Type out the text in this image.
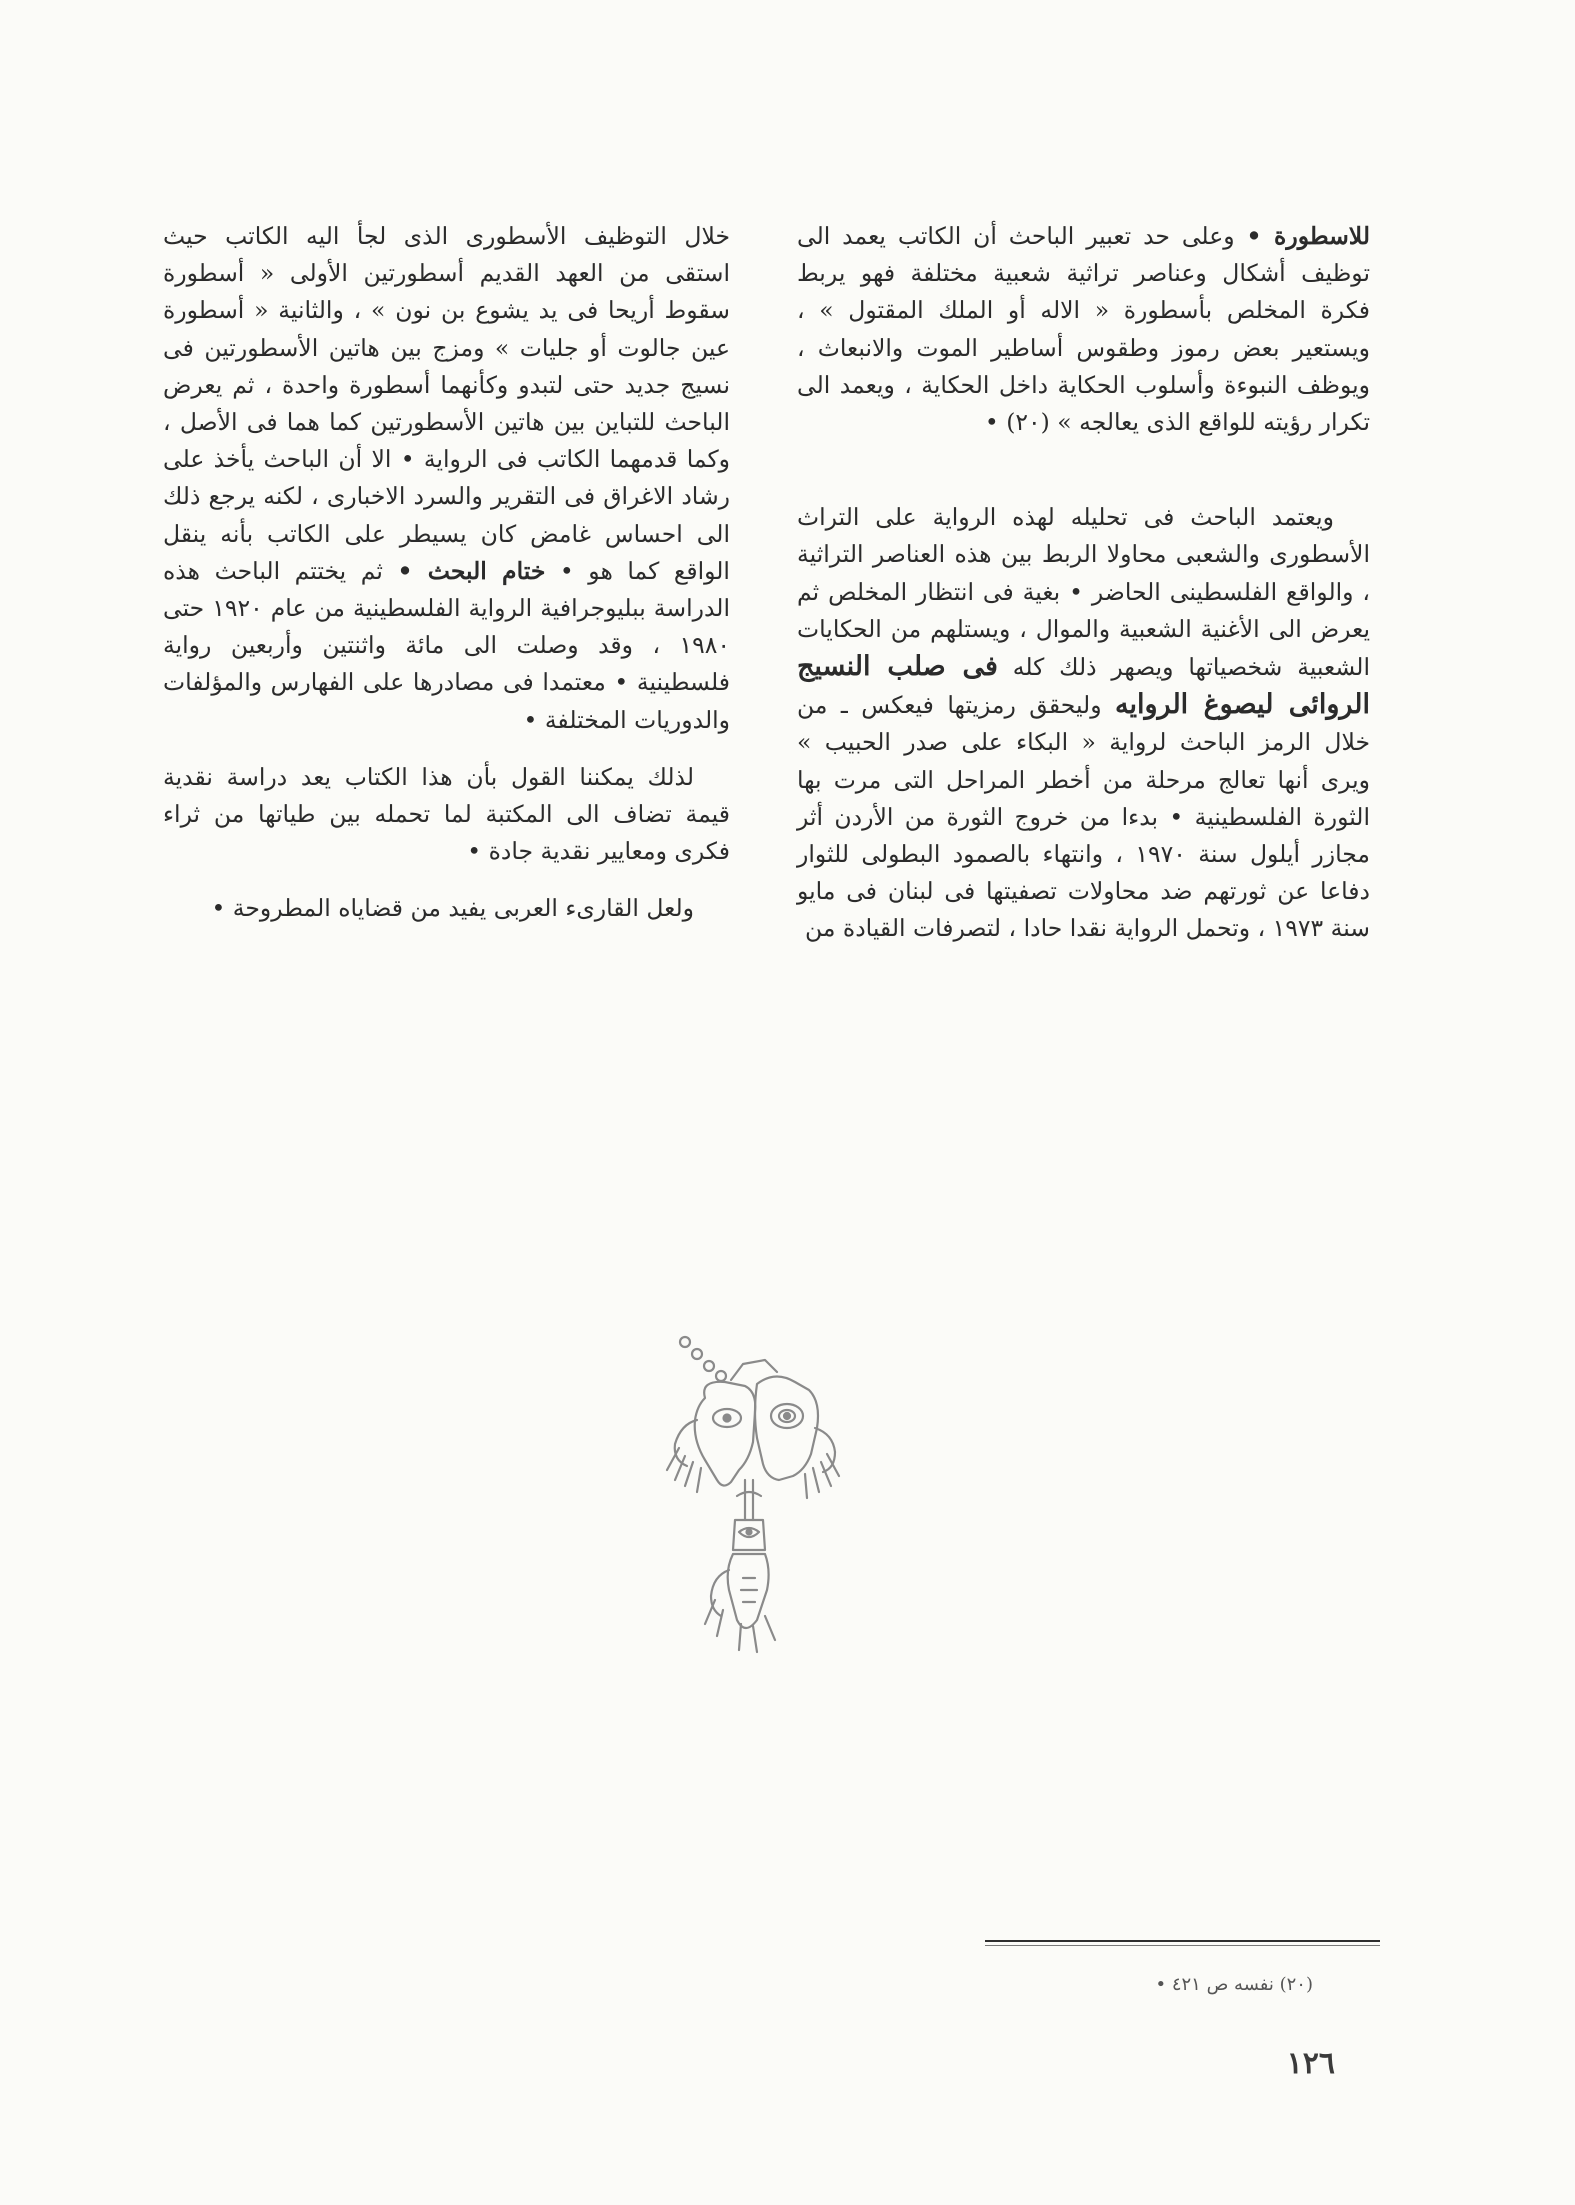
للاسطورة • وعلى حد تعبير الباحث أن الكاتب يعمد الى توظيف أشكال وعناصر تراثية شعبية مختلفة فهو يربط فكرة المخلص بأسطورة « الاله أو الملك المقتول » ، ويستعير بعض رموز وطقوس أساطير الموت والانبعاث ، ويوظف النبوءة وأسلوب الحكاية داخل الحكاية ، ويعمد الى تكرار رؤيته للواقع الذى يعالجه » (٢٠) •

ويعتمد الباحث فى تحليله لهذه الرواية على التراث الأسطورى والشعبى محاولا الربط بين هذه العناصر التراثية ، والواقع الفلسطينى الحاضر • بغية فى انتظار المخلص ثم يعرض الى الأغنية الشعبية والموال ، ويستلهم من الحكايات الشعبية شخصياتها ويصهر ذلك كله فى صلب النسيج الروائى ليصوغ الروايه وليحقق رمزيتها فيعكس ـ من خلال الرمز الباحث لرواية « البكاء على صدر الحبيب » ويرى أنها تعالج مرحلة من أخطر المراحل التى مرت بها الثورة الفلسطينية • بدءا من خروج الثورة من الأردن أثر مجازر أيلول سنة ١٩٧٠ ، وانتهاء بالصمود البطولى للثوار دفاعا عن ثورتهم ضد محاولات تصفيتها فى لبنان فى مايو سنة ١٩٧٣ ، وتحمل الرواية نقدا حادا ، لتصرفات القيادة من

خلال التوظيف الأسطورى الذى لجأ اليه الكاتب حيث استقى من العهد القديم أسطورتين الأولى « أسطورة سقوط أريحا فى يد يشوع بن نون » ، والثانية « أسطورة عين جالوت أو جليات » ومزج بين هاتين الأسطورتين فى نسيج جديد حتى لتبدو وكأنهما أسطورة واحدة ، ثم يعرض الباحث للتباين بين هاتين الأسطورتين كما هما فى الأصل ، وكما قدمهما الكاتب فى الرواية • الا أن الباحث يأخذ على رشاد الاغراق فى التقرير والسرد الاخبارى ، لكنه يرجع ذلك الى احساس غامض كان يسيطر على الكاتب بأنه ينقل الواقع كما هو • ختام البحث • ثم يختتم الباحث هذه الدراسة ببليوجرافية الرواية الفلسطينية من عام ١٩٢٠ حتى ١٩٨٠ ، وقد وصلت الى مائة واثنتين وأربعين رواية فلسطينية • معتمدا فى مصادرها على الفهارس والمؤلفات والدوريات المختلفة •

لذلك يمكننا القول بأن هذا الكتاب يعد دراسة نقدية قيمة تضاف الى المكتبة لما تحمله بين طياتها من ثراء فكرى ومعايير نقدية جادة •

ولعل القارىء العربى يفيد من قضاياه المطروحة •

(٢٠) نفسه ص ٤٢١ •
١٢٦
